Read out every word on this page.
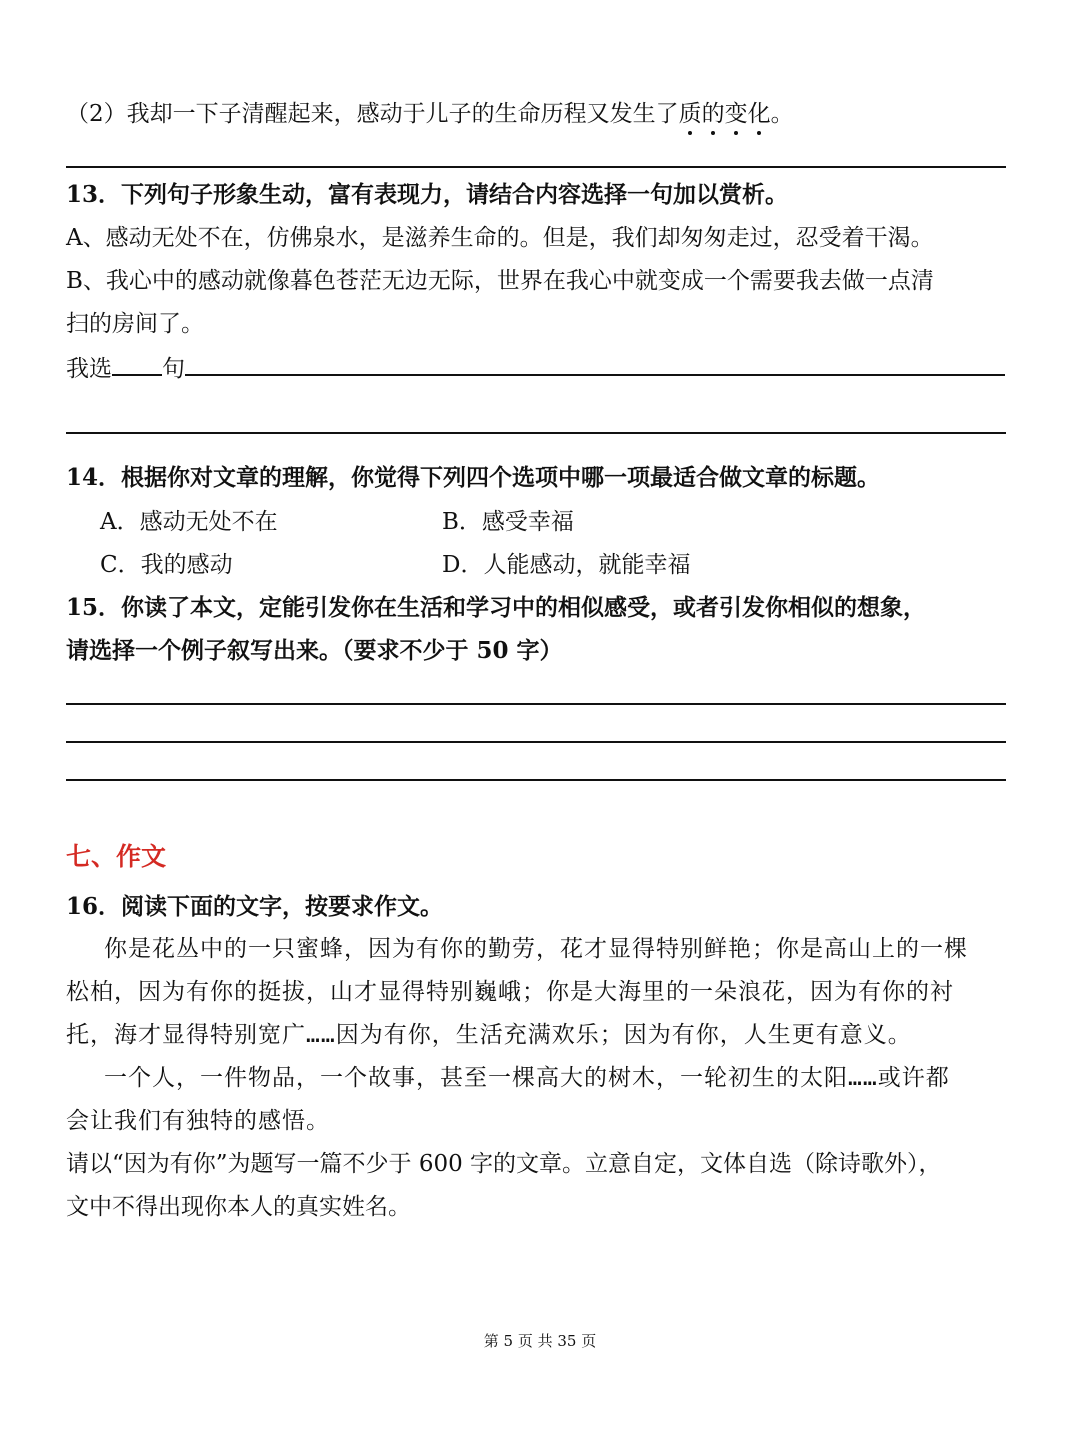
（2）我却一下子清醒起来，感动于儿子的生命历程又发生了质的变化。
13．下列句子形象生动，富有表现力，请结合内容选择一句加以赏析。
A、感动无处不在，仿佛泉水，是滋养生命的。但是，我们却匆匆走过，忍受着干渴。
B、我心中的感动就像暮色苍茫无边无际，世界在我心中就变成一个需要我去做一点清
扫的房间了。
我选 句
14．根据你对文章的理解，你觉得下列四个选项中哪一项最适合做文章的标题。
A．感动无处不在	B．感受幸福
C．我的感动	D．人能感动，就能幸福
15．你读了本文，定能引发你在生活和学习中的相似感受，或者引发你相似的想象，
请选择一个例子叙写出来。（要求不少于 50 字）
七、作文
16．阅读下面的文字，按要求作文。
你是花丛中的一只蜜蜂，因为有你的勤劳，花才显得特别鲜艳；你是高山上的一棵
松柏，因为有你的挺拔，山才显得特别巍峨；你是大海里的一朵浪花，因为有你的衬
托，海才显得特别宽广……因为有你，生活充满欢乐；因为有你，人生更有意义。
一个人，一件物品，一个故事，甚至一棵高大的树木，一轮初生的太阳……或许都
会让我们有独特的感悟。
请以“因为有你”为题写一篇不少于 600 字的文章。立意自定，文体自选（除诗歌外），
文中不得出现你本人的真实姓名。
第 5 页 共 35 页
